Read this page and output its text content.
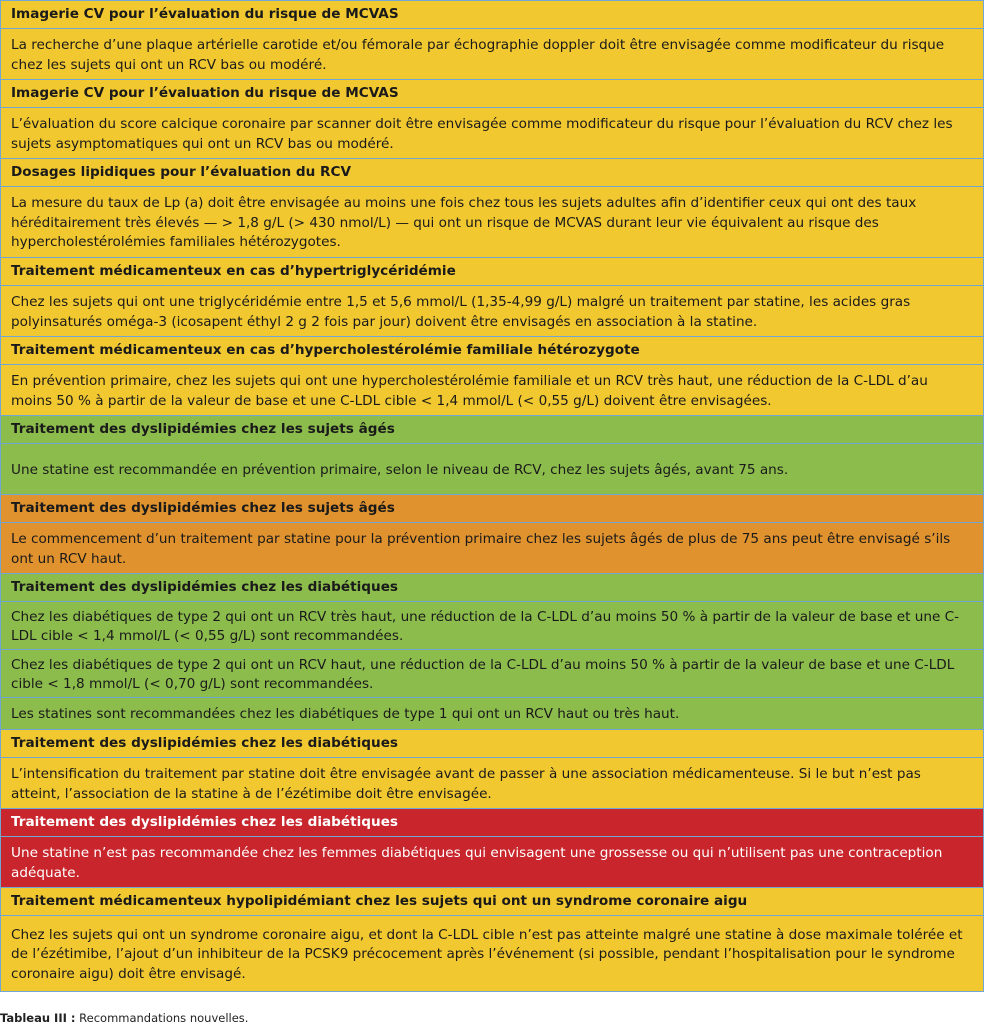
Imagerie CV pour l’évaluation du risque de MCVAS
La recherche d’une plaque artérielle carotide et/ou fémorale par échographie doppler doit être envisagée comme modificateur du risque chez les sujets qui ont un RCV bas ou modéré.
Imagerie CV pour l’évaluation du risque de MCVAS
L’évaluation du score calcique coronaire par scanner doit être envisagée comme modificateur du risque pour l’évaluation du RCV chez les sujets asymptomatiques qui ont un RCV bas ou modéré.
Dosages lipidiques pour l’évaluation du RCV
La mesure du taux de Lp (a) doit être envisagée au moins une fois chez tous les sujets adultes afin d’identifier ceux qui ont des taux héréditairement très élevés — > 1,8 g/L (> 430 nmol/L) — qui ont un risque de MCVAS durant leur vie équivalent au risque des hypercholestérolémies familiales hétérozygotes.
Traitement médicamenteux en cas d’hypertriglycéridémie
Chez les sujets qui ont une triglycéridémie entre 1,5 et 5,6 mmol/L (1,35-4,99 g/L) malgré un traitement par statine, les acides gras polyinsaturés oméga-3 (icosapent éthyl 2 g 2 fois par jour) doivent être envisagés en association à la statine.
Traitement médicamenteux en cas d’hypercholestérolémie familiale hétérozygote
En prévention primaire, chez les sujets qui ont une hypercholestérolémie familiale et un RCV très haut, une réduction de la C-LDL d’au moins 50 % à partir de la valeur de base et une C-LDL cible < 1,4 mmol/L (< 0,55 g/L) doivent être envisagées.
Traitement des dyslipidémies chez les sujets âgés
Une statine est recommandée en prévention primaire, selon le niveau de RCV, chez les sujets âgés, avant 75 ans.
Traitement des dyslipidémies chez les sujets âgés
Le commencement d’un traitement par statine pour la prévention primaire chez les sujets âgés de plus de 75 ans peut être envisagé s’ils ont un RCV haut.
Traitement des dyslipidémies chez les diabétiques
Chez les diabétiques de type 2 qui ont un RCV très haut, une réduction de la C-LDL d’au moins 50 % à partir de la valeur de base et une C-LDL cible < 1,4 mmol/L (< 0,55 g/L) sont recommandées.
Chez les diabétiques de type 2 qui ont un RCV haut, une réduction de la C-LDL d’au moins 50 % à partir de la valeur de base et une C-LDL cible < 1,8 mmol/L (< 0,70 g/L) sont recommandées.
Les statines sont recommandées chez les diabétiques de type 1 qui ont un RCV haut ou très haut.
Traitement des dyslipidémies chez les diabétiques
L’intensification du traitement par statine doit être envisagée avant de passer à une association médicamenteuse. Si le but n’est pas atteint, l’association de la statine à de l’ézétimibe doit être envisagée.
Traitement des dyslipidémies chez les diabétiques
Une statine n’est pas recommandée chez les femmes diabétiques qui envisagent une grossesse ou qui n’utilisent pas une contraception adéquate.
Traitement médicamenteux hypolipidémiant chez les sujets qui ont un syndrome coronaire aigu
Chez les sujets qui ont un syndrome coronaire aigu, et dont la C-LDL cible n’est pas atteinte malgré une statine à dose maximale tolérée et de l’ézétimibe, l’ajout d’un inhibiteur de la PCSK9 précocement après l’événement (si possible, pendant l’hospitalisation pour le syndrome coronaire aigu) doit être envisagé.
Tableau III : Recommandations nouvelles.
